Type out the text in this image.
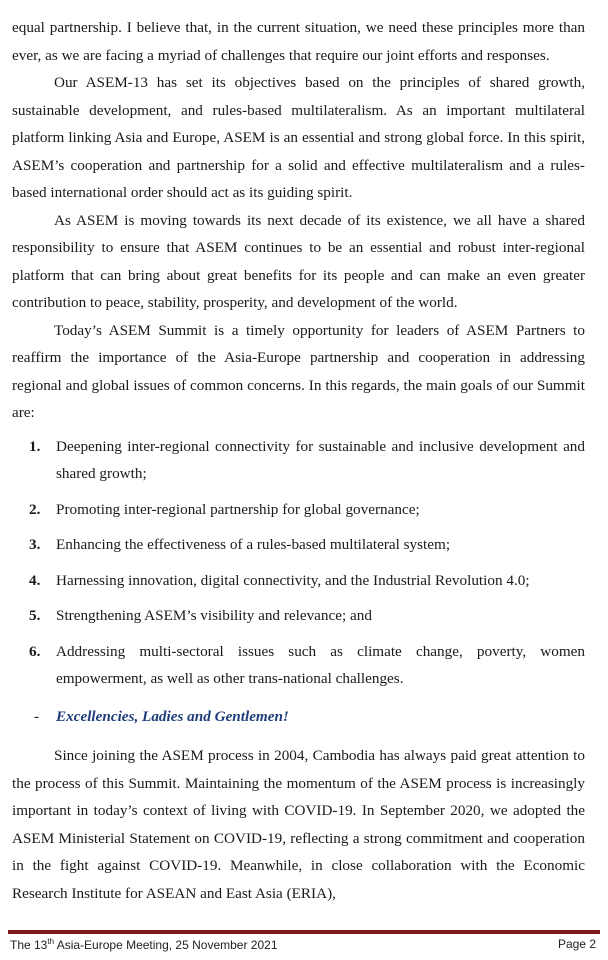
equal partnership. I believe that, in the current situation, we need these principles more than ever, as we are facing a myriad of challenges that require our joint efforts and responses.

Our ASEM-13 has set its objectives based on the principles of shared growth, sustainable development, and rules-based multilateralism. As an important multilateral platform linking Asia and Europe, ASEM is an essential and strong global force. In this spirit, ASEM’s cooperation and partnership for a solid and effective multilateralism and a rules-based international order should act as its guiding spirit.

As ASEM is moving towards its next decade of its existence, we all have a shared responsibility to ensure that ASEM continues to be an essential and robust inter-regional platform that can bring about great benefits for its people and can make an even greater contribution to peace, stability, prosperity, and development of the world.

Today’s ASEM Summit is a timely opportunity for leaders of ASEM Partners to reaffirm the importance of the Asia-Europe partnership and cooperation in addressing regional and global issues of common concerns. In this regards, the main goals of our Summit are:

1. Deepening inter-regional connectivity for sustainable and inclusive development and shared growth;
2. Promoting inter-regional partnership for global governance;
3. Enhancing the effectiveness of a rules-based multilateral system;
4. Harnessing innovation, digital connectivity, and the Industrial Revolution 4.0;
5. Strengthening ASEM’s visibility and relevance; and
6. Addressing multi-sectoral issues such as climate change, poverty, women empowerment, as well as other trans-national challenges.
- Excellencies, Ladies and Gentlemen!

Since joining the ASEM process in 2004, Cambodia has always paid great attention to the process of this Summit. Maintaining the momentum of the ASEM process is increasingly important in today’s context of living with COVID-19. In September 2020, we adopted the ASEM Ministerial Statement on COVID-19, reflecting a strong commitment and cooperation in the fight against COVID-19. Meanwhile, in close collaboration with the Economic Research Institute for ASEAN and East Asia (ERIA),

The 13th Asia-Europe Meeting, 25 November 2021	Page 2
